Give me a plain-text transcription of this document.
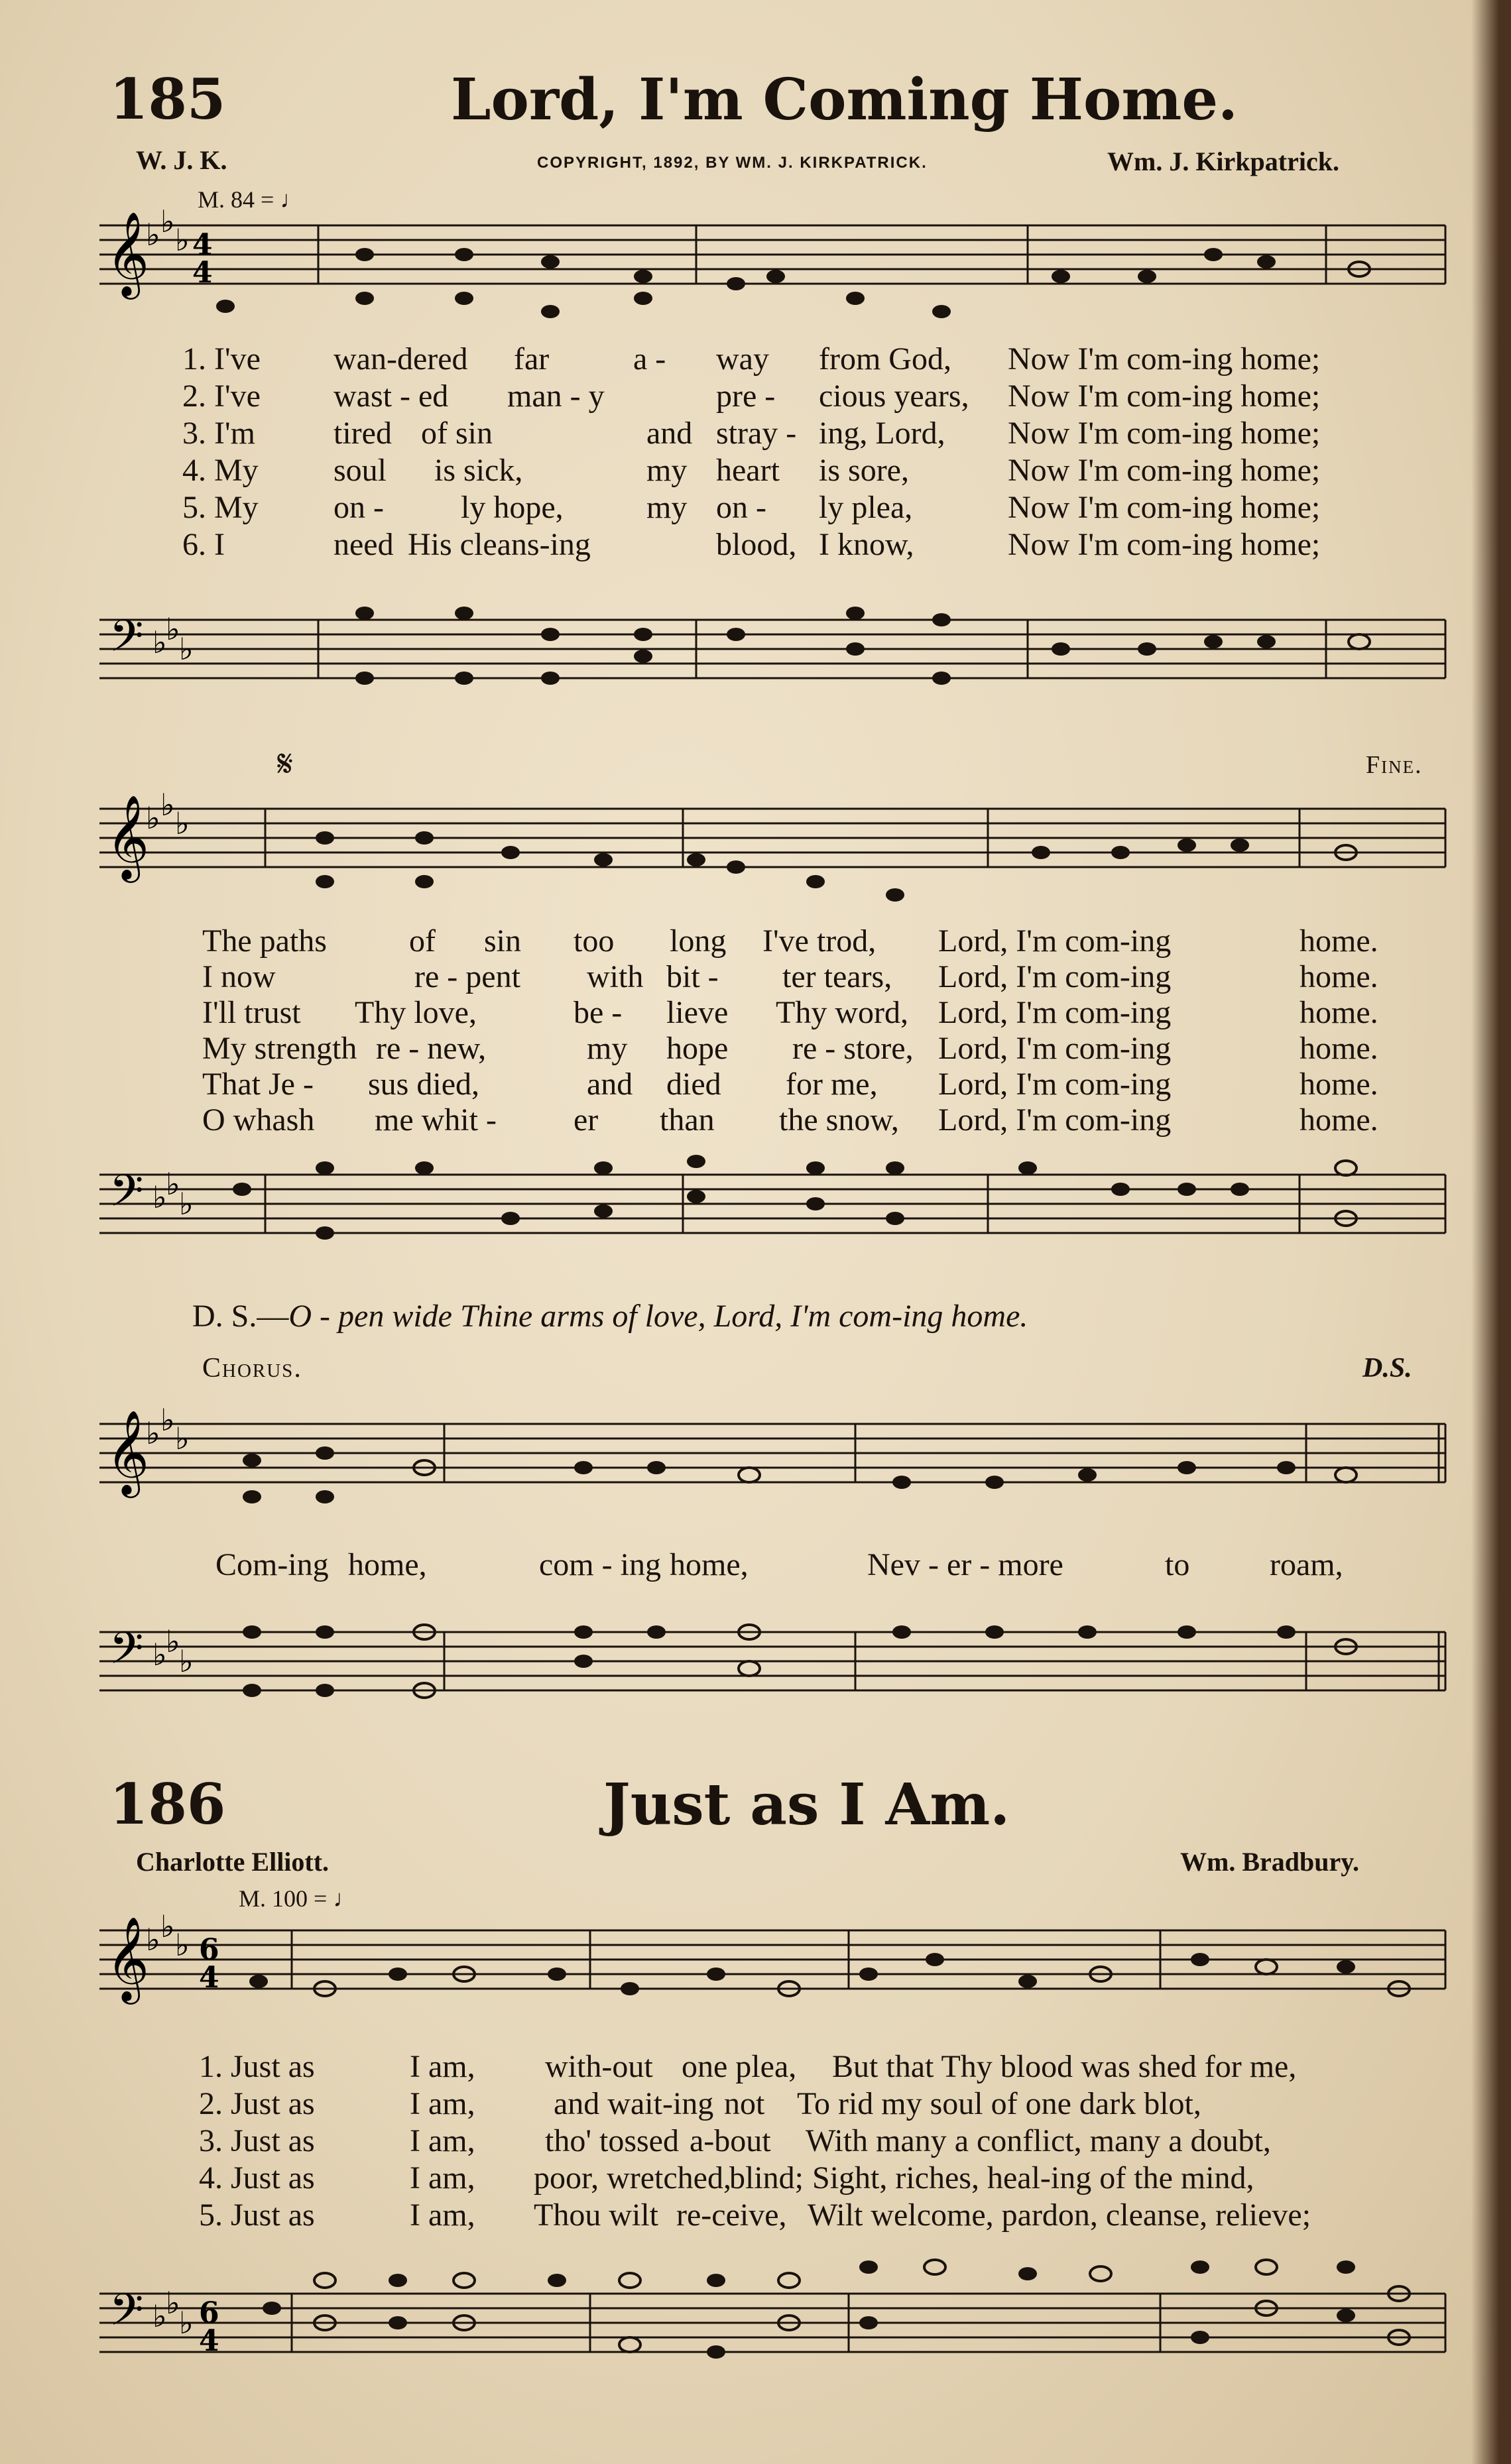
185	Lord, I'm Coming Home.
W. J. K.	COPYRIGHT, 1892, BY WM. J. KIRKPATRICK.	Wm. J. Kirkpatrick.
M. 84 = ♩
𝄞
♭ ♭
♭ 4
4
1. I've wan-dered far	a - way from God, Now I'm com-ing home;
2. I've wast - ed man - y	pre - cious years, Now I'm com-ing home;
3. I'm tired of sin	and stray - ing, Lord, Now I'm com-ing home;
4. My soul is sick,	my heart is sore,	Now I'm com-ing home;
5. My on - ly hope,	my on - ly plea,	Now I'm com-ing home;
6. I	need His cleans-ing	blood, I know,	Now I'm com-ing home;
𝄢 ♭
♭
♭
𝄋	Fine.
𝄞
♭ ♭
♭
The paths	of sin too long I've trod, Lord, I'm com-ing	home.
I now	re - pent with bit - ter tears, Lord, I'm com-ing	home.
I'll trust Thy love,	be - lieve Thy word, Lord, I'm com-ing	home.
My strength re - new,	my hope re - store, Lord, I'm com-ing	home.
That Je - sus died,	and died for me, Lord, I'm com-ing	home.
O whash me whit - er than the snow, Lord, I'm com-ing	home.
𝄢 ♭
♭
♭
D. S.—O - pen wide Thine arms of love, Lord, I'm com-ing home.
Chorus.	D.S.
𝄞
♭ ♭
♭
Com-ing home,	com - ing home,	Nev - er - more	to	roam,
𝄢 ♭
♭
♭
186	Just as I Am.
Charlotte Elliott.	Wm. Bradbury.
M. 100 = ♩
𝄞
♭ ♭
♭ 6
4
1. Just as	I am, with-out one plea, But that Thy blood was shed for me,
2. Just as	I am, and wait-ing not To rid my soul of one dark blot,
3. Just as	I am, tho' tossed a-bout With many a conflict, many a doubt,
4. Just as	I am, poor, wretched,
blind; Sight, riches, heal-ing of the mind,
5. Just as	I am, Thou wilt re-ceive, Wilt welcome, pardon, cleanse, relieve;
𝄢 ♭
♭
♭ 6
4
